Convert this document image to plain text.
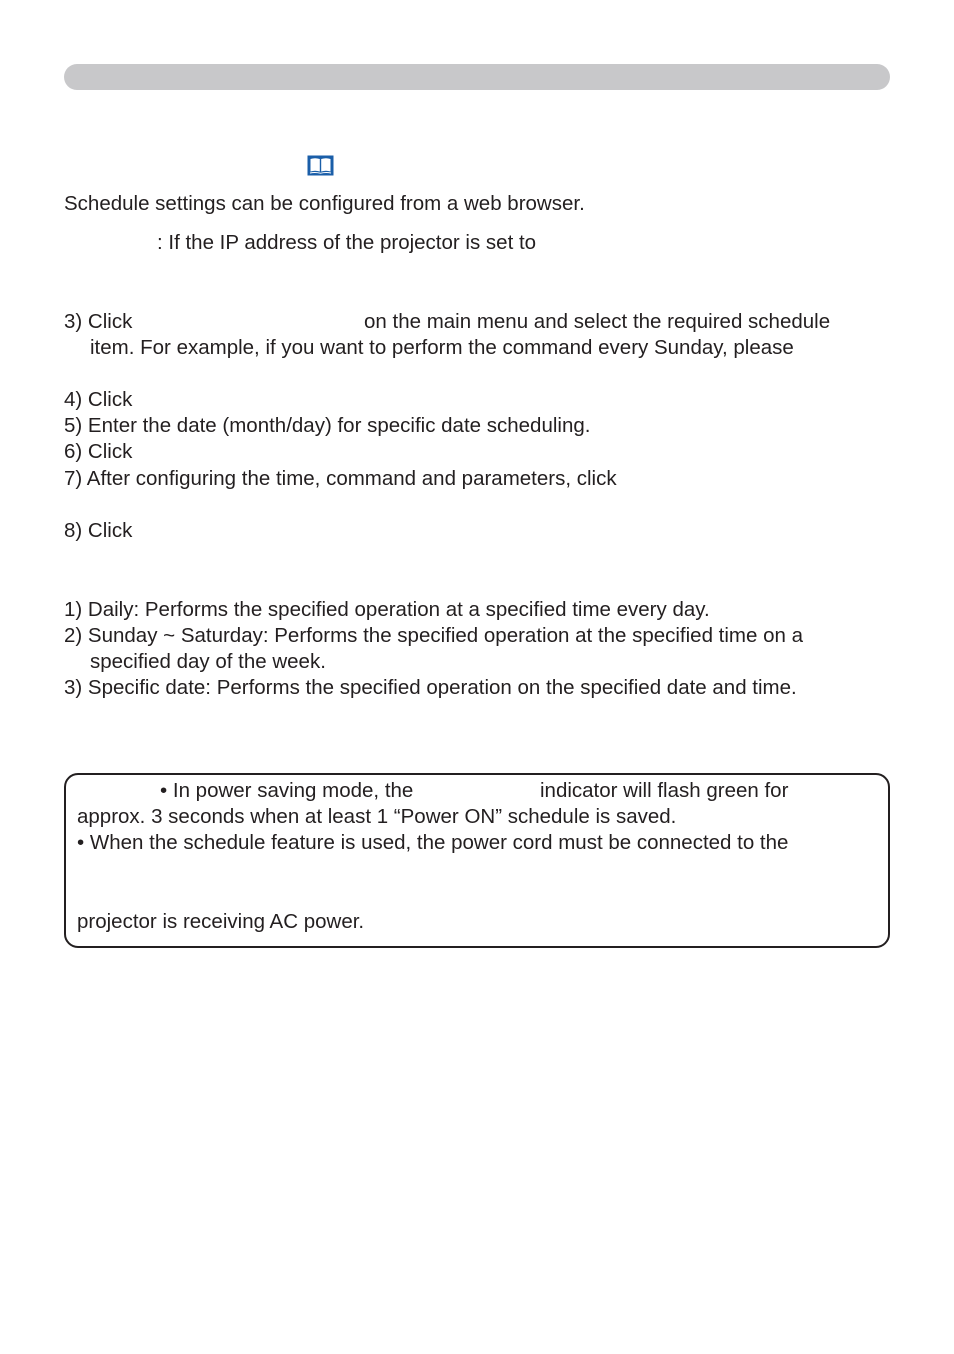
Schedule settings can be configured from a web browser.
: If the IP address of the projector is set to
3) Click	on the main menu and select the required schedule
item. For example, if you want to perform the command every Sunday, please
4) Click
5) Enter the date (month/day) for specific date scheduling.
6) Click
7) After configuring the time, command and parameters, click
8) Click
1) Daily: Performs the specified operation at a specified time every day.
2) Sunday ~ Saturday: Performs the specified operation at the specified time on a
specified day of the week.
3) Specific date: Performs the specified operation on the specified date and time.
• In power saving mode, the	indicator will flash green for
approx. 3 seconds when at least 1 “Power ON” schedule is saved.
• When the schedule feature is used, the power cord must be connected to the
projector is receiving AC power.
